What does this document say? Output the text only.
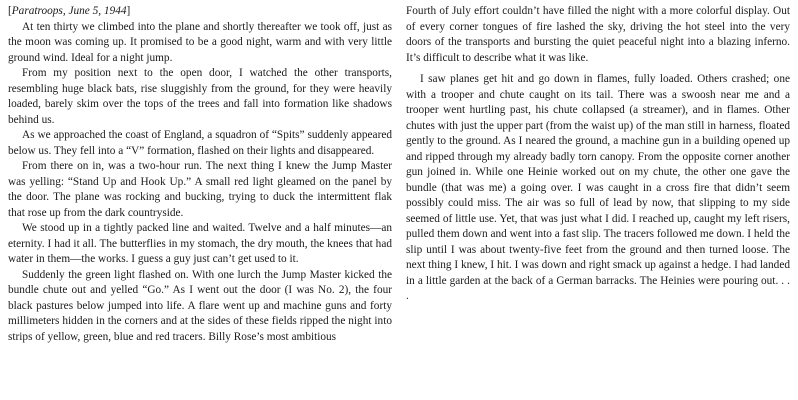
[Paratroops, June 5, 1944]

At ten thirty we climbed into the plane and shortly thereafter we took off, just as the moon was coming up. It promised to be a good night, warm and with very little ground wind. Ideal for a night jump.

From my position next to the open door, I watched the other transports, resembling huge black bats, rise sluggishly from the ground, for they were heavily loaded, barely skim over the tops of the trees and fall into formation like shadows behind us.

As we approached the coast of England, a squadron of “Spits” suddenly appeared below us. They fell into a “V” formation, flashed on their lights and disappeared.

From there on in, was a two-hour run. The next thing I knew the Jump Master was yelling: “Stand Up and Hook Up.” A small red light gleamed on the panel by the door. The plane was rocking and bucking, trying to duck the intermittent flak that rose up from the dark countryside.

We stood up in a tightly packed line and waited. Twelve and a half minutes—an eternity. I had it all. The butterflies in my stomach, the dry mouth, the knees that had water in them—the works. I guess a guy just can’t get used to it.

Suddenly the green light flashed on. With one lurch the Jump Master kicked the bundle chute out and yelled “Go.” As I went out the door (I was No. 2), the four black pastures below jumped into life. A flare went up and machine guns and forty millimeters hidden in the corners and at the sides of these fields ripped the night into strips of yellow, green, blue and red tracers. Billy Rose’s most ambitious

Fourth of July effort couldn’t have filled the night with a more colorful display. Out of every corner tongues of fire lashed the sky, driving the hot steel into the very doors of the transports and bursting the quiet peaceful night into a blazing inferno. It’s difficult to describe what it was like.

I saw planes get hit and go down in flames, fully loaded. Others crashed; one with a trooper and chute caught on its tail. There was a swoosh near me and a trooper went hurtling past, his chute collapsed (a streamer), and in flames. Other chutes with just the upper part (from the waist up) of the man still in harness, floated gently to the ground. As I neared the ground, a machine gun in a building opened up and ripped through my already badly torn canopy. From the opposite corner another gun joined in. While one Heinie worked out on my chute, the other one gave the bundle (that was me) a going over. I was caught in a cross fire that didn’t seem possibly could miss. The air was so full of lead by now, that slipping to my side seemed of little use. Yet, that was just what I did. I reached up, caught my left risers, pulled them down and went into a fast slip. The tracers followed me down. I held the slip until I was about twenty-five feet from the ground and then turned loose. The next thing I knew, I hit. I was down and right smack up against a hedge. I had landed in a little garden at the back of a German barracks. The Heinies were pouring out. . . .
